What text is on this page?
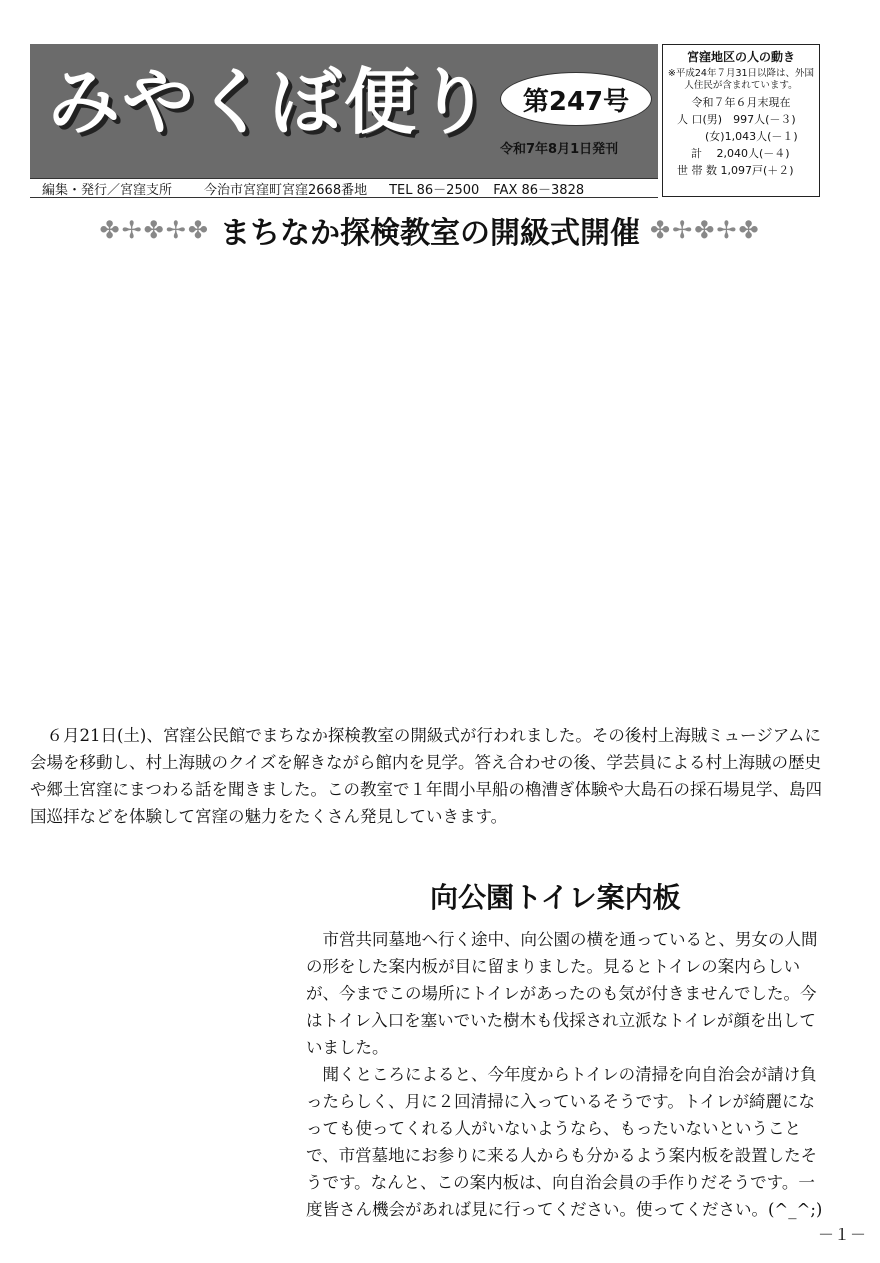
みやくぼ便り	第247号
令和7年8月1日発刊
編集・発行／宮窪支所 今治市宮窪町宮窪2668番地 TEL 86－2500 FAX 86－3828
宮窪地区の人の動き
※平成24年７月31日以降は、外国人住民が含まれています。
令和７年６月末現在
人 口(男)　997人(－３)
(女)1,043人(－１)
計　 2,040人(－４)
世 帯 数 1,097戸(＋２)
✤✢✤✢✤ まちなか探検教室の開級式開催 ✤✢✤✢✤

６月21日(土)、宮窪公民館でまちなか探検教室の開級式が行われました。その後村上海賊ミュージアムに会場を移動し、村上海賊のクイズを解きながら館内を見学。答え合わせの後、学芸員による村上海賊の歴史や郷土宮窪にまつわる話を聞きました。この教室で１年間小早船の櫓漕ぎ体験や大島石の採石場見学、島四国巡拝などを体験して宮窪の魅力をたくさん発見していきます。

向公園トイレ案内板

市営共同墓地へ行く途中、向公園の横を通っていると、男女の人間の形をした案内板が目に留まりました。見るとトイレの案内らしいが、今までこの場所にトイレがあったのも気が付きませんでした。今はトイレ入口を塞いでいた樹木も伐採され立派なトイレが顔を出していました。

聞くところによると、今年度からトイレの清掃を向自治会が請け負ったらしく、月に２回清掃に入っているそうです。トイレが綺麗になっても使ってくれる人がいないようなら、もったいないということで、市営墓地にお参りに来る人からも分かるよう案内板を設置したそうです。なんと、この案内板は、向自治会員の手作りだそうです。一度皆さん機会があれば見に行ってください。使ってください。(^_^;)

－１－
